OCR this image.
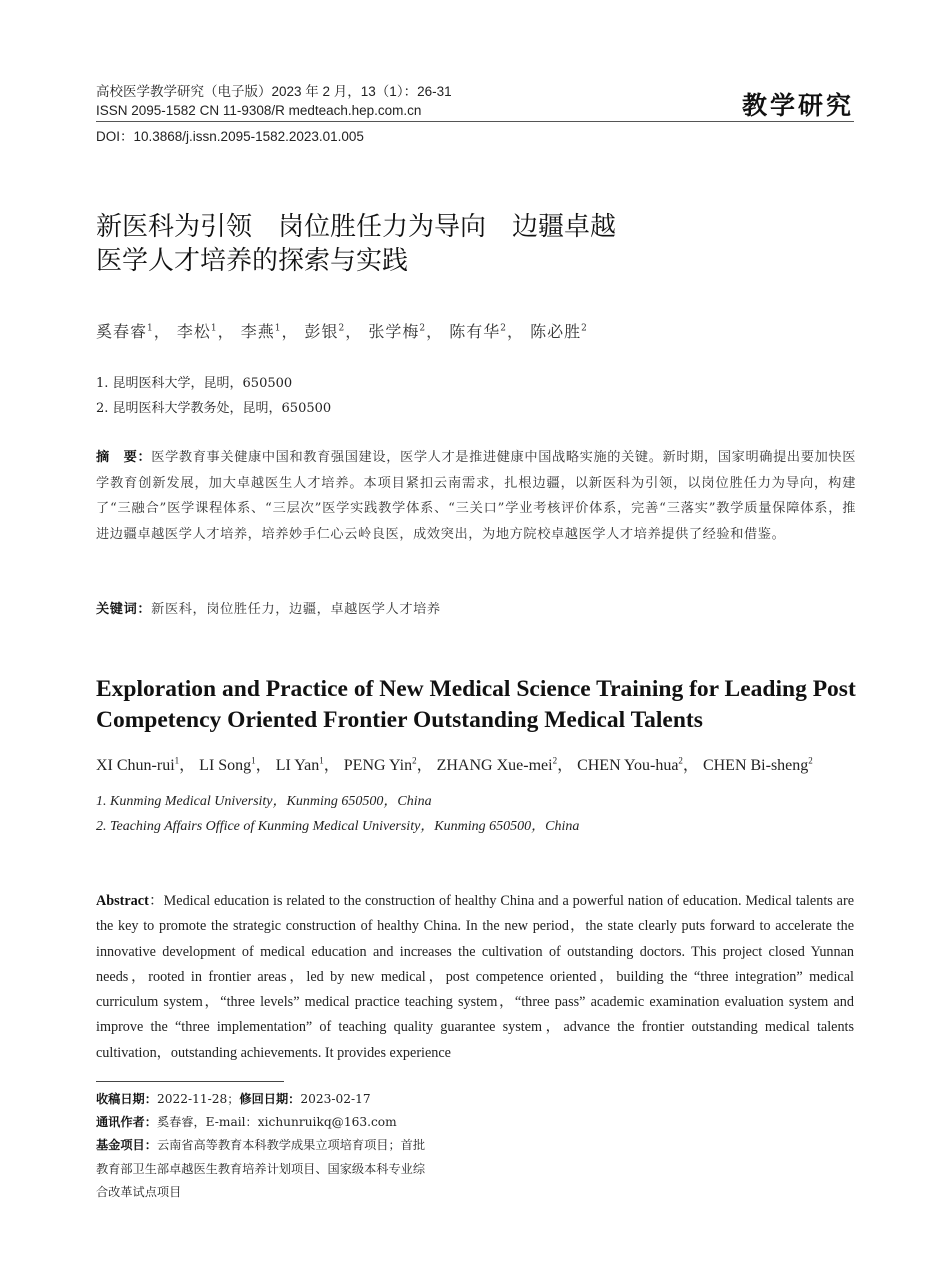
高校医学教学研究（电子版）2023 年 2 月，13（1）：26-31
ISSN 2095-1582 CN 11-9308/R medteach.hep.com.cn	教学研究
DOI：10.3868/j.issn.2095-1582.2023.01.005
新医科为引领　岗位胜任力为导向　边疆卓越
医学人才培养的探索与实践
奚春睿$^1$， 李松$^1$， 李燕$^1$， 彭银$^2$， 张学梅$^2$， 陈有华$^2$， 陈必胜$^2$
1. 昆明医科大学，昆明，650500
2. 昆明医科大学教务处，昆明，650500
摘　要：医学教育事关健康中国和教育强国建设，医学人才是推进健康中国战略实施的关键。新时期，国家明确提出要加快医学教育创新发展，加大卓越医生人才培养。本项目紧扣云南需求，扎根边疆，以新医科为引领，以岗位胜任力为导向，构建了“三融合”医学课程体系、“三层次”医学实践教学体系、“三关口”学业考核评价体系，完善“三落实”教学质量保障体系，推进边疆卓越医学人才培养，培养妙手仁心云岭良医，成效突出，为地方院校卓越医学人才培养提供了经验和借鉴。
关键词：新医科，岗位胜任力，边疆，卓越医学人才培养
Exploration and Practice of New Medical Science Training for Leading Post Competency Oriented Frontier Outstanding Medical Talents
XI Chun-rui$^1$， LI Song$^1$， LI Yan$^1$， PENG Yin$^2$， ZHANG Xue-mei$^2$， CHEN You-hua$^2$， CHEN Bi-sheng$^2$
1. Kunming Medical University，Kunming 650500，China
2. Teaching Affairs Office of Kunming Medical University，Kunming 650500，China
Abstract：Medical education is related to the construction of healthy China and a powerful nation of education. Medical talents are the key to promote the strategic construction of healthy China. In the new period，the state clearly puts forward to accelerate the innovative development of medical education and increases the cultivation of outstanding doctors. This project closed Yunnan needs，rooted in frontier areas，led by new medical，post competence oriented，building the “three integration” medical curriculum system，“three levels” medical practice teaching system，“three pass” academic examination evaluation system and improve the “three implementation” of teaching quality guarantee system，advance the frontier outstanding medical talents cultivation，outstanding achievements. It provides experience
收稿日期：2022-11-28；修回日期：2023-02-17
通讯作者：奚春睿，E-mail：xichunruikq@163.com
基金项目：云南省高等教育本科教学成果立项培育项目；首批
教育部卫生部卓越医生教育培养计划项目、国家级本科专业综
合改革试点项目
